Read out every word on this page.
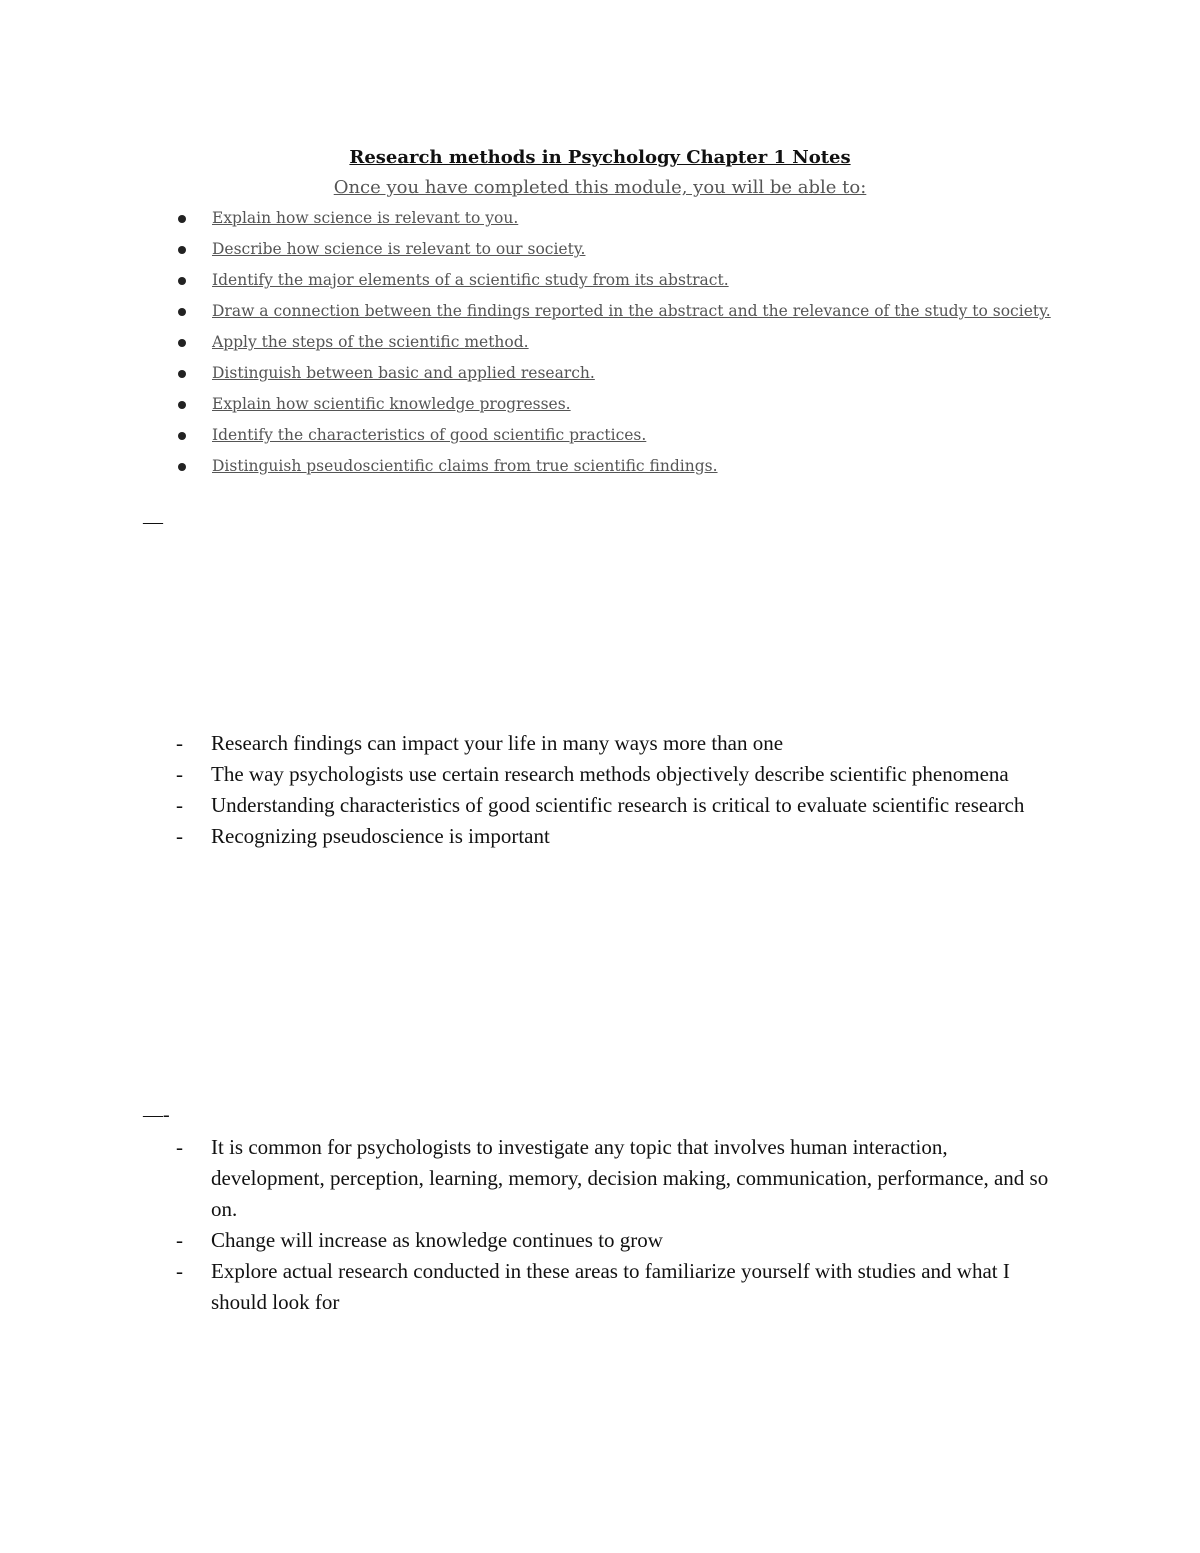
Research methods in Psychology Chapter 1 Notes
Once you have completed this module, you will be able to:
Explain how science is relevant to you.
Describe how science is relevant to our society.
Identify the major elements of a scientific study from its abstract.
Draw a connection between the findings reported in the abstract and the relevance of the study to society.
Apply the steps of the scientific method.
Distinguish between basic and applied research.
Explain how scientific knowledge progresses.
Identify the characteristics of good scientific practices.
Distinguish pseudoscientific claims from true scientific findings.
—
- Research findings can impact your life in many ways more than one
- The way psychologists use certain research methods objectively describe scientific phenomena
- Understanding characteristics of good scientific research is critical to evaluate scientific research
- Recognizing pseudoscience is important
—-
- It is common for psychologists to investigate any topic that involves human interaction, development, perception, learning, memory, decision making, communication, performance, and so on.
- Change will increase as knowledge continues to grow
- Explore actual research conducted in these areas to familiarize yourself with studies and what I should look for
